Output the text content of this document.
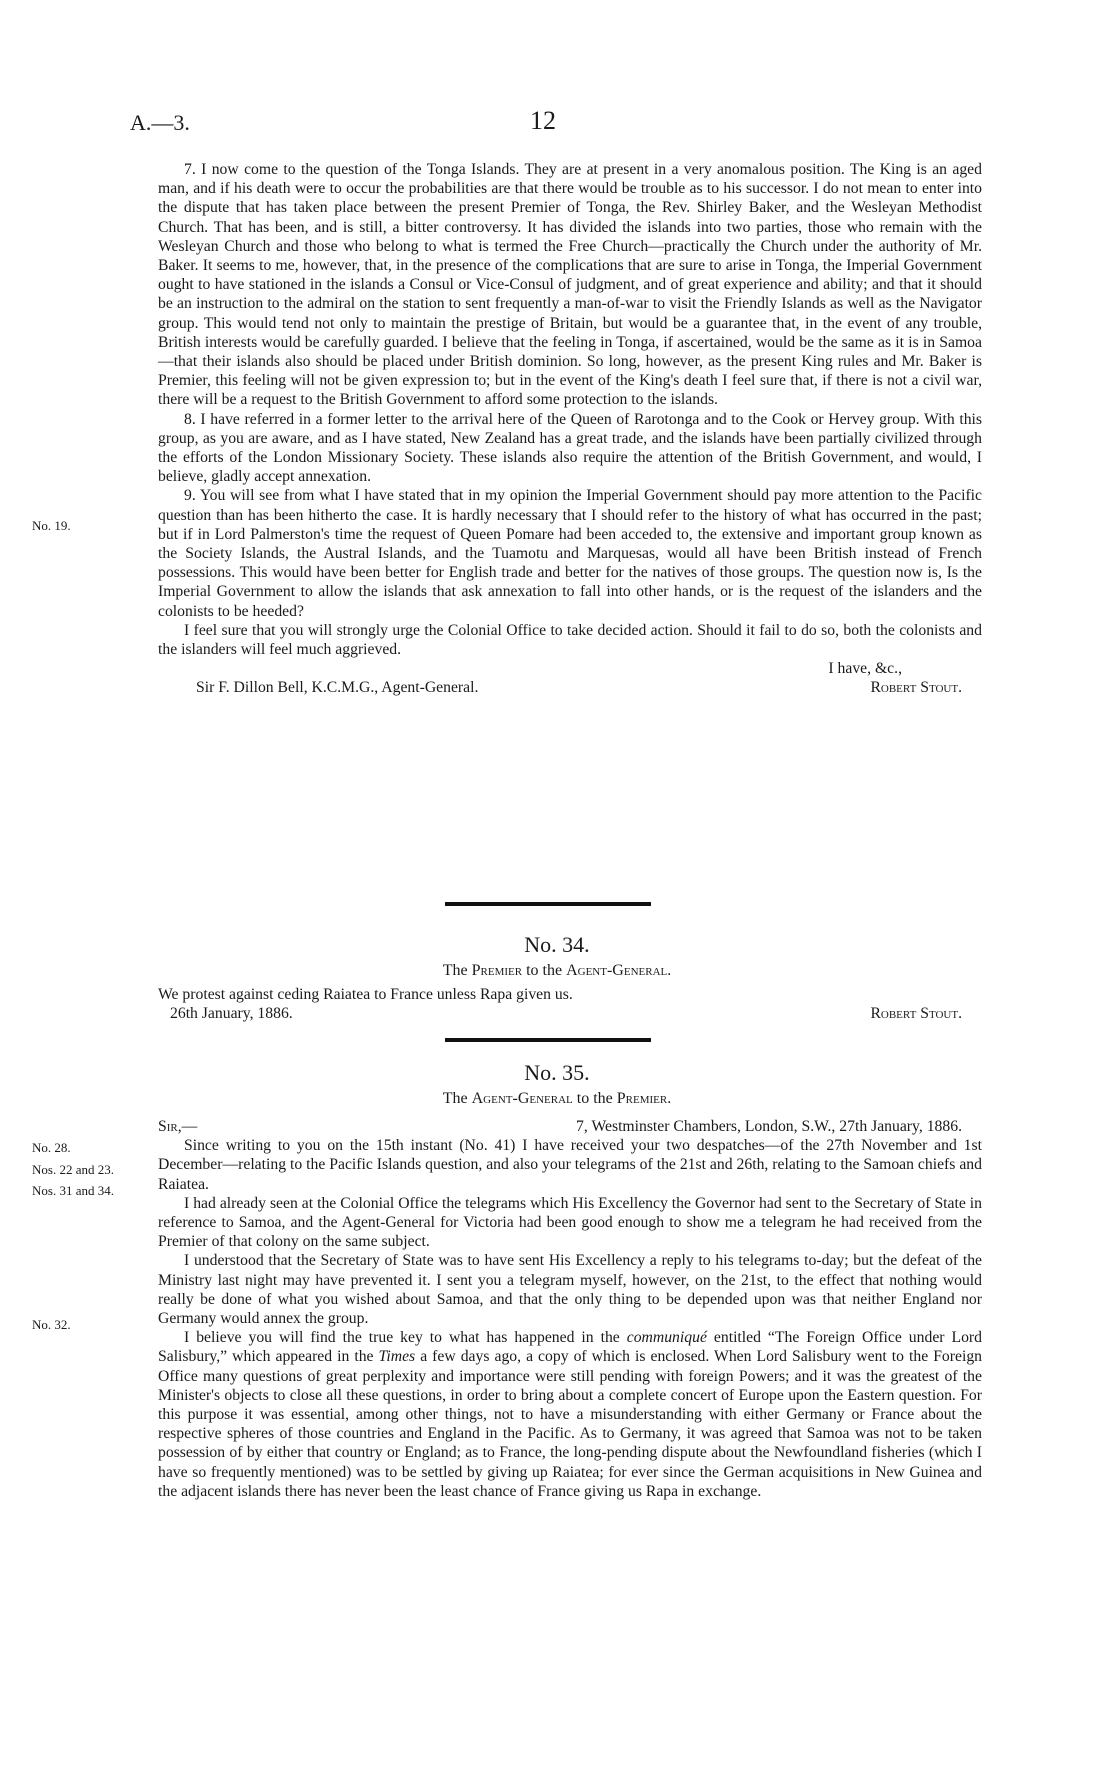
A.—3.	12
No. 19.
No. 28.
Nos. 22 and 23.
Nos. 31 and 34.
No. 32.

7. I now come to the question of the Tonga Islands. They are at present in a very anomalous position. The King is an aged man, and if his death were to occur the probabilities are that there would be trouble as to his successor. I do not mean to enter into the dispute that has taken place between the present Premier of Tonga, the Rev. Shirley Baker, and the Wesleyan Methodist Church. That has been, and is still, a bitter controversy. It has divided the islands into two parties, those who remain with the Wesleyan Church and those who belong to what is termed the Free Church—practically the Church under the authority of Mr. Baker. It seems to me, however, that, in the presence of the complications that are sure to arise in Tonga, the Imperial Government ought to have stationed in the islands a Consul or Vice-Consul of judgment, and of great experience and ability; and that it should be an instruction to the admiral on the station to sent frequently a man-of-war to visit the Friendly Islands as well as the Navigator group. This would tend not only to maintain the prestige of Britain, but would be a guarantee that, in the event of any trouble, British interests would be carefully guarded. I believe that the feeling in Tonga, if ascertained, would be the same as it is in Samoa—that their islands also should be placed under British dominion. So long, however, as the present King rules and Mr. Baker is Premier, this feeling will not be given expression to; but in the event of the King's death I feel sure that, if there is not a civil war, there will be a request to the British Government to afford some protection to the islands.

8. I have referred in a former letter to the arrival here of the Queen of Rarotonga and to the Cook or Hervey group. With this group, as you are aware, and as I have stated, New Zealand has a great trade, and the islands have been partially civilized through the efforts of the London Missionary Society. These islands also require the attention of the British Government, and would, I believe, gladly accept annexation.

9. You will see from what I have stated that in my opinion the Imperial Government should pay more attention to the Pacific question than has been hitherto the case. It is hardly necessary that I should refer to the history of what has occurred in the past; but if in Lord Palmerston's time the request of Queen Pomare had been acceded to, the extensive and important group known as the Society Islands, the Austral Islands, and the Tuamotu and Marquesas, would all have been British instead of French possessions. This would have been better for English trade and better for the natives of those groups. The question now is, Is the Imperial Government to allow the islands that ask annexation to fall into other hands, or is the request of the islanders and the colonists to be heeded?

I feel sure that you will strongly urge the Colonial Office to take decided action. Should it fail to do so, both the colonists and the islanders will feel much aggrieved.

I have, &c.,

Sir F. Dillon Bell, K.C.M.G., Agent-General.	Robert Stout.
No. 34.
The Premier to the Agent-General.

We protest against ceding Raiatea to France unless Rapa given us.

26th January, 1886.	Robert Stout.
No. 35.
The Agent-General to the Premier.
Sir,—	7, Westminster Chambers, London, S.W., 27th January, 1886.

Since writing to you on the 15th instant (No. 41) I have received your two despatches—of the 27th November and 1st December—relating to the Pacific Islands question, and also your telegrams of the 21st and 26th, relating to the Samoan chiefs and Raiatea.

I had already seen at the Colonial Office the telegrams which His Excellency the Governor had sent to the Secretary of State in reference to Samoa, and the Agent-General for Victoria had been good enough to show me a telegram he had received from the Premier of that colony on the same subject.

I understood that the Secretary of State was to have sent His Excellency a reply to his telegrams to-day; but the defeat of the Ministry last night may have prevented it. I sent you a telegram myself, however, on the 21st, to the effect that nothing would really be done of what you wished about Samoa, and that the only thing to be depended upon was that neither England nor Germany would annex the group.

I believe you will find the true key to what has happened in the communiqué entitled “The Foreign Office under Lord Salisbury,” which appeared in the Times a few days ago, a copy of which is enclosed. When Lord Salisbury went to the Foreign Office many questions of great perplexity and importance were still pending with foreign Powers; and it was the greatest of the Minister's objects to close all these questions, in order to bring about a complete concert of Europe upon the Eastern question. For this purpose it was essential, among other things, not to have a misunderstanding with either Germany or France about the respective spheres of those countries and England in the Pacific. As to Germany, it was agreed that Samoa was not to be taken possession of by either that country or England; as to France, the long-pending dispute about the Newfoundland fisheries (which I have so frequently mentioned) was to be settled by giving up Raiatea; for ever since the German acquisitions in New Guinea and the adjacent islands there has never been the least chance of France giving us Rapa in exchange.
